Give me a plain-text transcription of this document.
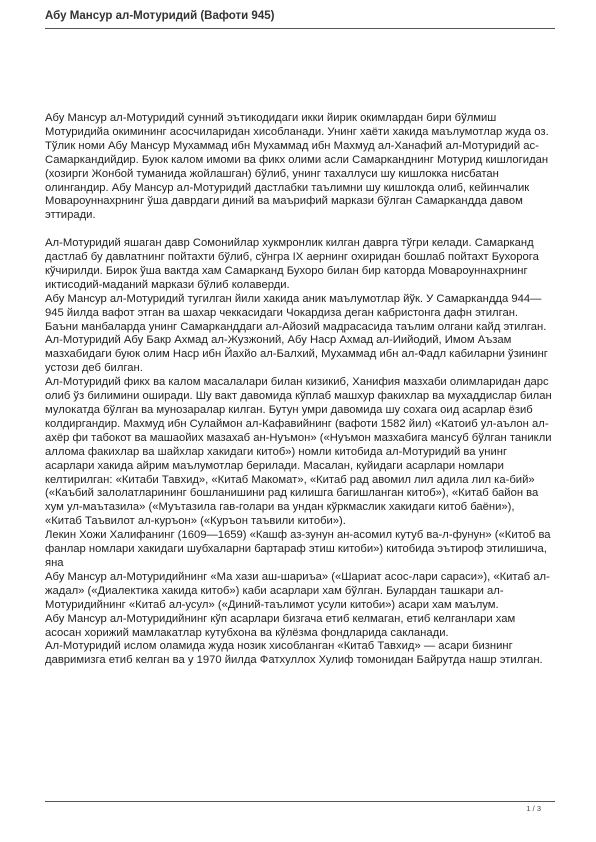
Абу Мансур ал-Мотуридий (Вафоти 945)

Абу Мансур ал-Мотуридий сунний эътикодидаги икки йирик окимлардан бири бўлмиш Мотуридийа окимининг асосчиларидан хисобланади. Унинг хаёти хакида маълумотлар жуда оз. Тўлик номи Абу Мансур Мухаммад ибн Мухаммад ибн Махмуд ал-Ханафий ал-Мотуридий ас-Самаркандийдир. Буюк калом имоми ва фикх олими асли Самарканднинг Мотурид кишлогидан (хозирги Жонбой туманида жойлашган) бўлиб, унинг тахаллуси шу кишлокка нисбатан олингандир. Абу Мансур ал-Мотуридий дастлабки таълимни шу кишлокда олиб, кейинчалик Мовароуннахрнинг ўша даврдаги диний ва маърифий маркази бўлган Самаркандда давом эттиради.

Ал-Мотуридий яшаган давр Сомонийлар хукмронлик килган даврга тўгри келади. Самарканд дастлаб бу давлатнинг пойтахти бўлиб, сўнгра IX аернинг охиридан бошлаб пойтахт Бухорога кўчирилди. Бирок ўша вактда хам Самарканд Бухоро билан бир каторда Мовароуннахрнинг иктисодий-маданий маркази бўлиб колаверди.

Абу Мансур ал-Мотуридий тугилган йили хакида аник маълумотлар йўк. У Самаркандда 944—945 йилда вафот этган ва шахар чеккасидаги Чокардиза деган кабристонга дафн этилган.

Баъни манбаларда унинг Самарканддаги ал-Айозий мадрасасида таълим олгани кайд этилган. Ал-Мотуридий Абу Бакр Ахмад ал-Жузжоний, Абу Наср Ахмад ал-Иийодий, Имом Аъзам мазхабидаги буюк олим Наср ибн Йахйо ал-Балхий, Мухаммад ибн ал-Фадл кабиларни ўзининг устози деб билган.

Ал-Мотуридий фикх ва калом масалалари билан кизикиб, Ханифия мазхаби олимларидан дарс олиб ўз билимини оширади. Шу вакт давомида кўплаб машхур факихлар ва мухаддислар билан мулокатда бўлган ва мунозаралар килган. Бутун умри давомида шу сохага оид асарлар ёзиб колдиргандир. Махмуд ибн Сулаймон ал-Кафавийнинг (вафоти 1582 йил) «Катоиб ул-аълон ал-ахёр фи табокот ва машаойих мазахаб ан-Нуъмон» («Нуъмон мазхабига мансуб бўлган таникли аллома факихлар ва шайхлар хакидаги китоб») номли китобида ал-Мотуридий ва унинг асарлари хакида айрим маълумотлар берилади. Масалан, куйидаги асарлари номлари келтирилган: «Китаби Тавхид», «Китаб Макомат», «Китаб рад авомил лил адила лил ка-бий» («Каъбий залолатларининг бошланишини рад килишга багишланган китоб»), «Китаб байон ва хум ул-маътазила» («Муътазила гав-голари ва ундан кўркмаслик хакидаги китоб баёни»), «Китаб Таъвилот ал-куръон» («Куръон таъвили китоби»).

Лекин Хожи Халифанинг (1609—1659) «Кашф аз-зунун ан-асомил кутуб ва-л-фунун» («Китоб ва фанлар номлари хакидаги шубхаларни бартараф этиш китоби») китобида эътироф этилишича, яна

Абу Мансур ал-Мотуридийнинг «Ма хази аш-шариъа» («Шариат асос-лари сараси»), «Китаб ал-жадал» («Диалектика хакида китоб») каби асарлари хам бўлган. Булардан ташкари ал-Мотуридийнинг «Китаб ал-усул» («Диний-таълимот усули китоби») асари хам маълум.

Абу Мансур ал-Мотуридийнинг кўп асарлари бизгача етиб келмаган, етиб келганлари хам асосан хорижий мамлакатлар кутубхона ва кўлёзма фондларида сакланади.

Ал-Мотуридий ислом оламида жуда нозик хисобланган «Китаб Тавхид» — асари бизнинг давримизга етиб келган ва у 1970 йилда Фатхуллох Хулиф томонидан Байрутда нашр этилган.

1 / 3
